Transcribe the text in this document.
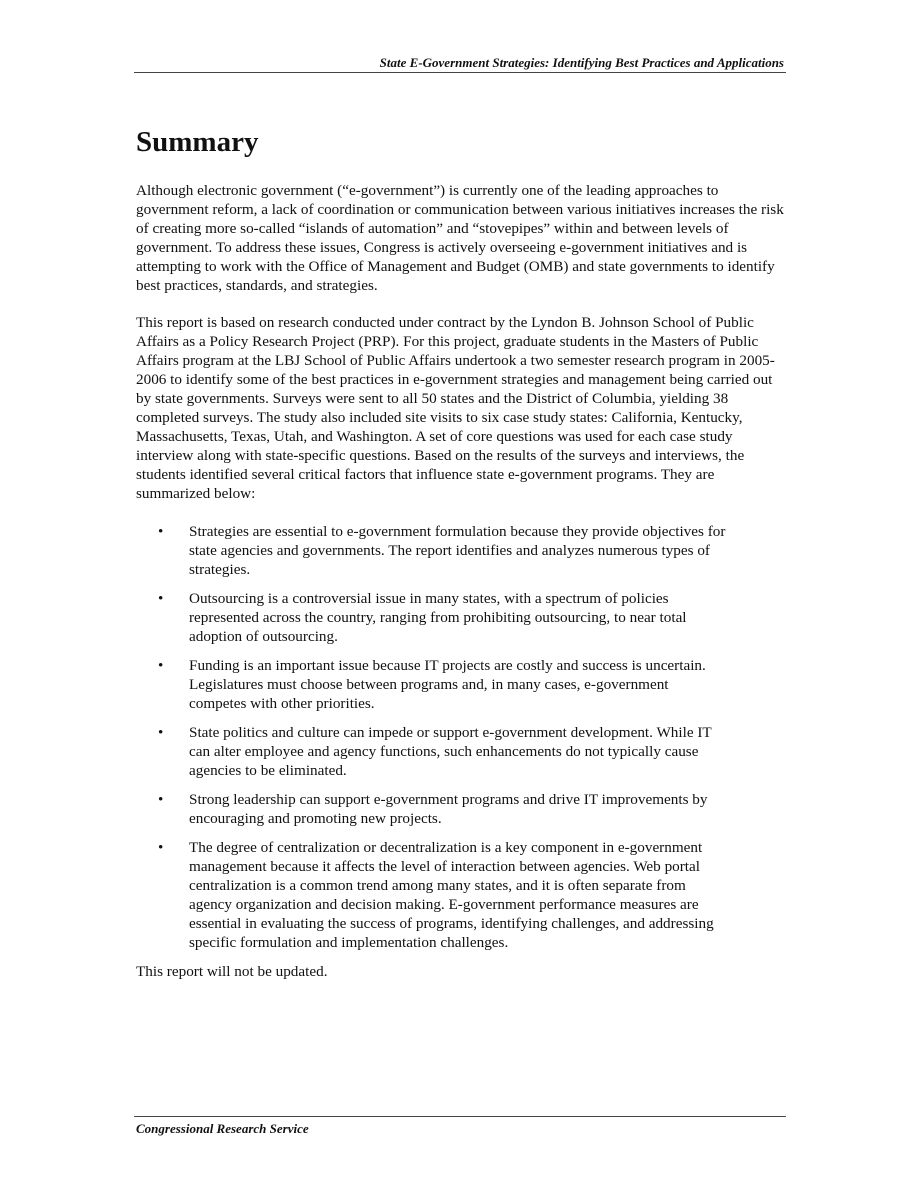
State E-Government Strategies: Identifying Best Practices and Applications
Summary

Although electronic government (“e-government”) is currently one of the leading approaches to government reform, a lack of coordination or communication between various initiatives increases the risk of creating more so-called “islands of automation” and “stovepipes” within and between levels of government. To address these issues, Congress is actively overseeing e-government initiatives and is attempting to work with the Office of Management and Budget (OMB) and state governments to identify best practices, standards, and strategies.

This report is based on research conducted under contract by the Lyndon B. Johnson School of Public Affairs as a Policy Research Project (PRP). For this project, graduate students in the Masters of Public Affairs program at the LBJ School of Public Affairs undertook a two semester research program in 2005-2006 to identify some of the best practices in e-government strategies and management being carried out by state governments. Surveys were sent to all 50 states and the District of Columbia, yielding 38 completed surveys. The study also included site visits to six case study states: California, Kentucky, Massachusetts, Texas, Utah, and Washington. A set of core questions was used for each case study interview along with state-specific questions. Based on the results of the surveys and interviews, the students identified several critical factors that influence state e-government programs. They are summarized below:

• Strategies are essential to e-government formulation because they provide objectives for state agencies and governments. The report identifies and analyzes numerous types of strategies.
• Outsourcing is a controversial issue in many states, with a spectrum of policies represented across the country, ranging from prohibiting outsourcing, to near total adoption of outsourcing.
• Funding is an important issue because IT projects are costly and success is uncertain. Legislatures must choose between programs and, in many cases, e-government competes with other priorities.
• State politics and culture can impede or support e-government development. While IT can alter employee and agency functions, such enhancements do not typically cause agencies to be eliminated.
• Strong leadership can support e-government programs and drive IT improvements by encouraging and promoting new projects.
• The degree of centralization or decentralization is a key component in e-government management because it affects the level of interaction between agencies. Web portal centralization is a common trend among many states, and it is often separate from agency organization and decision making. E-government performance measures are essential in evaluating the success of programs, identifying challenges, and addressing specific formulation and implementation challenges.

This report will not be updated.

Congressional Research Service
